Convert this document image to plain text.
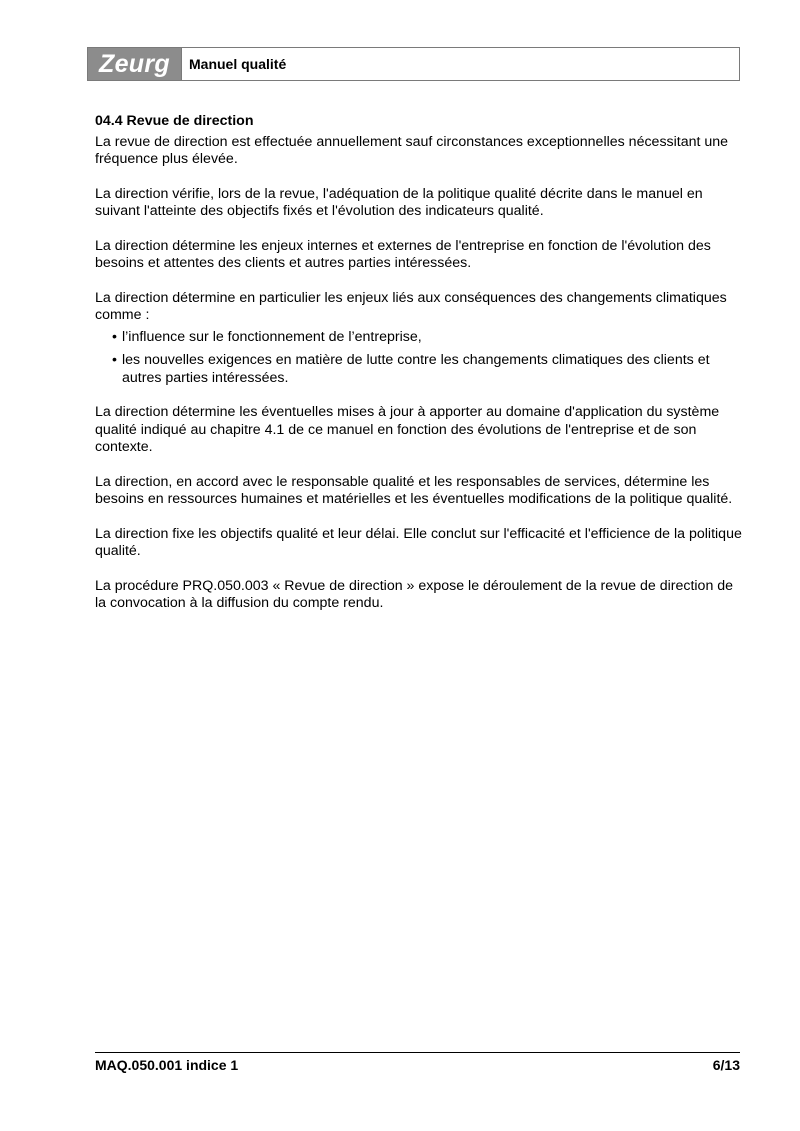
Zeurg	Manuel qualité
04.4 Revue de direction

La revue de direction est effectuée annuellement sauf circonstances exceptionnelles nécessitant une fréquence plus élevée.

La direction vérifie, lors de la revue, l'adéquation de la politique qualité décrite dans le manuel en suivant l'atteinte des objectifs fixés et l'évolution des indicateurs qualité.

La direction détermine les enjeux internes et externes de l'entreprise en fonction de l'évolution des besoins et attentes des clients et autres parties intéressées.

La direction détermine en particulier les enjeux liés aux conséquences des changements climatiques comme :

• l’influence sur le fonctionnement de l’entreprise,
• les nouvelles exigences en matière de lutte contre les changements climatiques des clients et autres parties intéressées.

La direction détermine les éventuelles mises à jour à apporter au domaine d'application du système qualité indiqué au chapitre 4.1 de ce manuel en fonction des évolutions de l'entreprise et de son contexte.

La direction, en accord avec le responsable qualité et les responsables de services, détermine les besoins en ressources humaines et matérielles et les éventuelles modifications de la politique qualité.

La direction fixe les objectifs qualité et leur délai. Elle conclut sur l'efficacité et l'efficience de la politique qualité.

La procédure PRQ.050.003 « Revue de direction » expose le déroulement de la revue de direction de la convocation à la diffusion du compte rendu.

MAQ.050.001 indice 1	6/13
